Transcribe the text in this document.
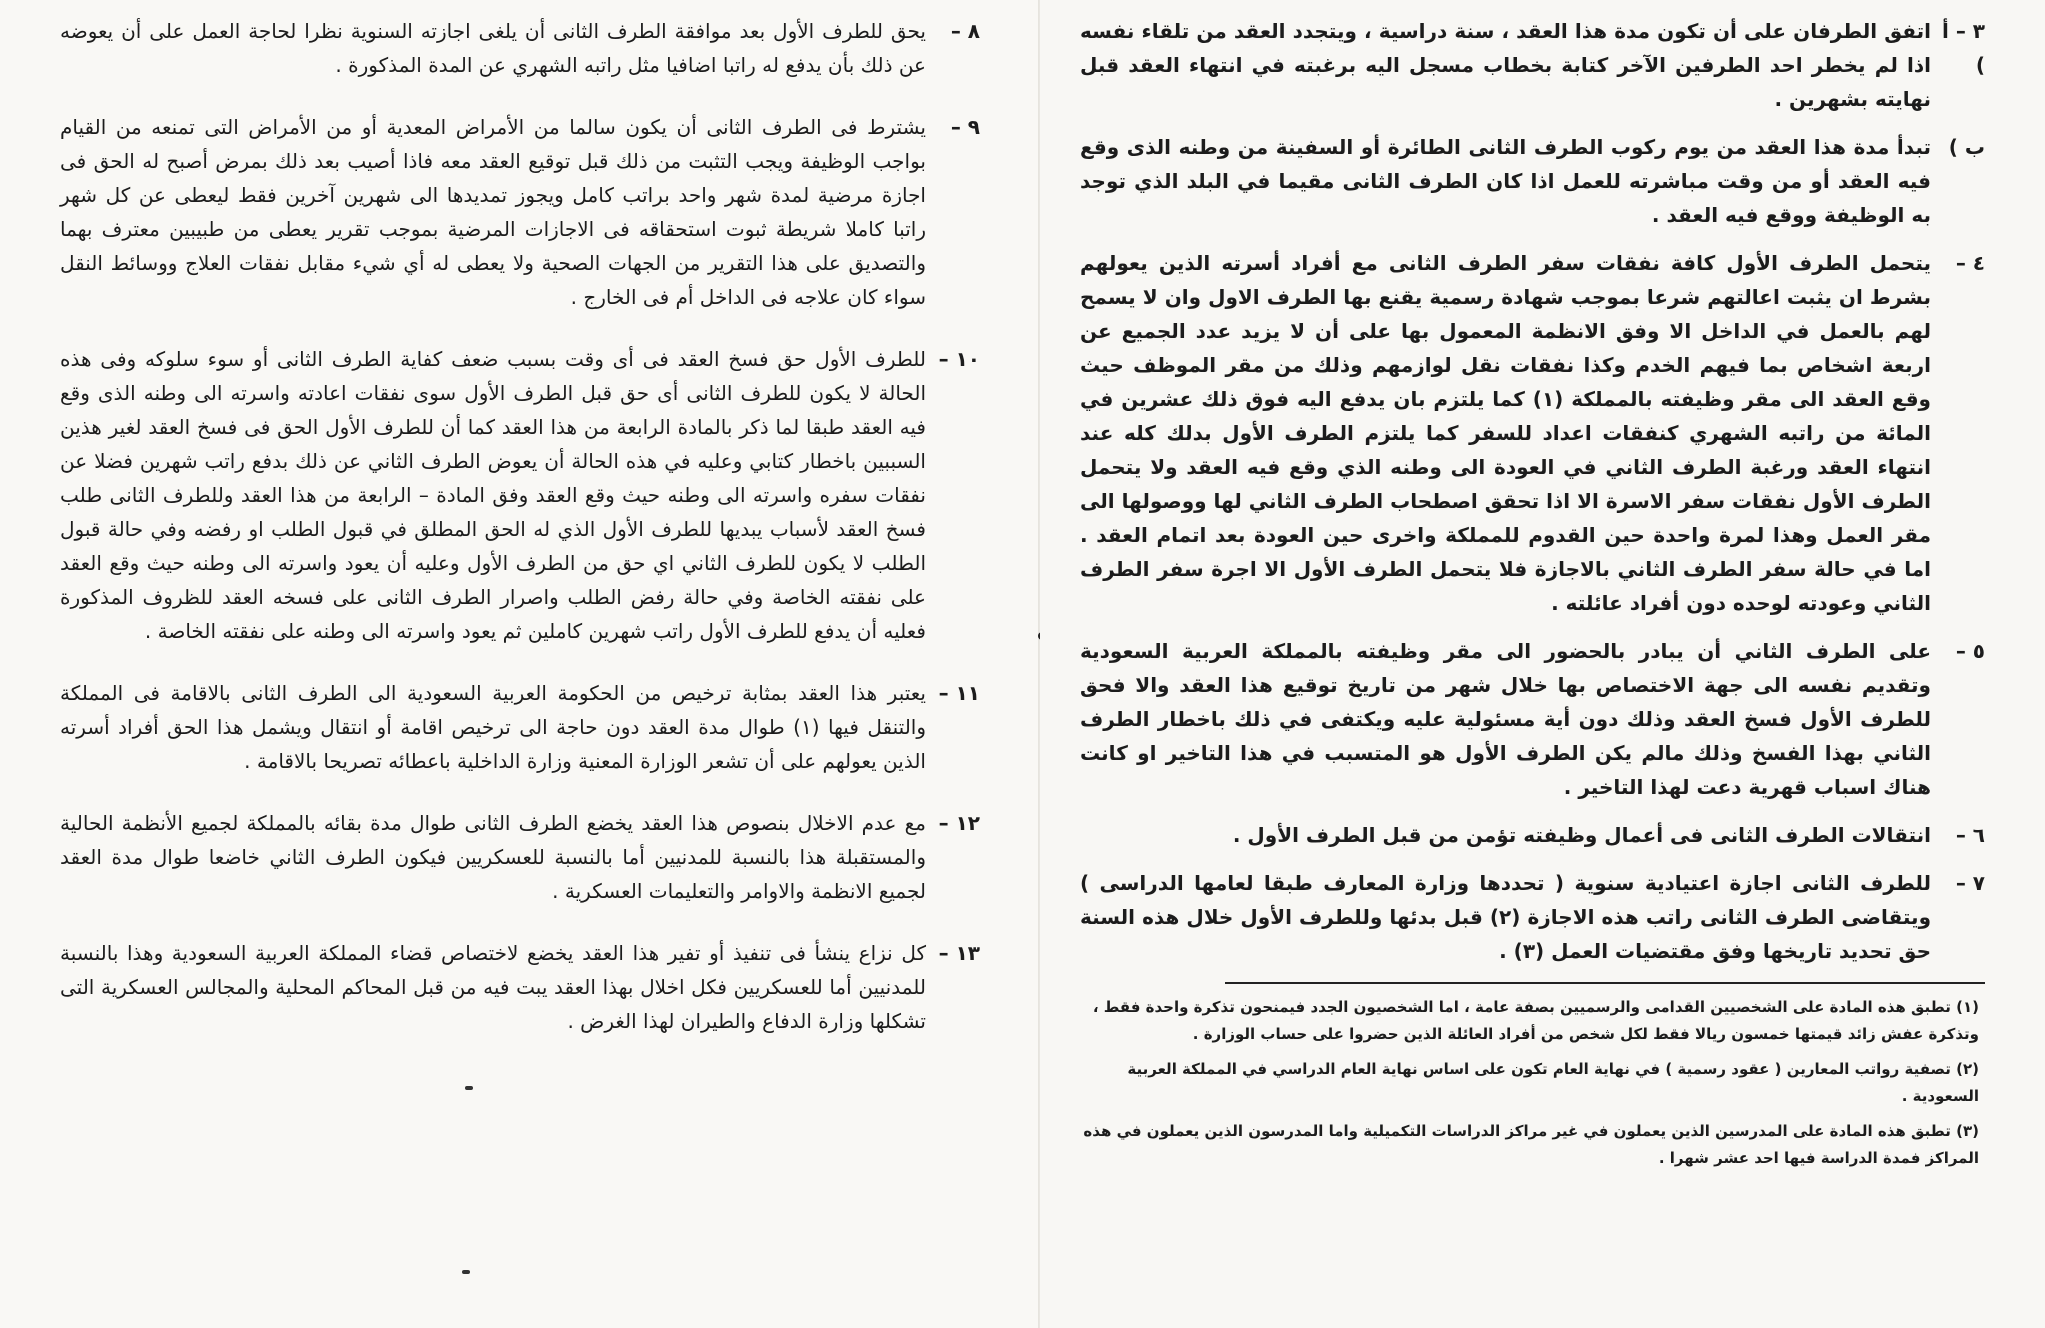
٨ –
يحق للطرف الأول بعد موافقة الطرف الثانى أن يلغى اجازته السنوية نظرا لحاجة العمل على أن يعوضه عن ذلك بأن يدفع له راتبا اضافيا مثل راتبه الشهري عن المدة المذكورة .
٩ –
يشترط فى الطرف الثانى أن يكون سالما من الأمراض المعدية أو من الأمراض التى تمنعه من القيام بواجب الوظيفة ويجب التثبت من ذلك قبل توقيع العقد معه فاذا أصيب بعد ذلك بمرض أصبح له الحق فى اجازة مرضية لمدة شهر واحد براتب كامل ويجوز تمديدها الى شهرين آخرين فقط ليعطى عن كل شهر راتبا كاملا شريطة ثبوت استحقاقه فى الاجازات المرضية بموجب تقرير يعطى من طبيبين معترف بهما والتصديق على هذا التقرير من الجهات الصحية ولا يعطى له أي شيء مقابل نفقات العلاج ووسائط النقل سواء كان علاجه فى الداخل أم فى الخارج .
١٠ –
للطرف الأول حق فسخ العقد فى أى وقت بسبب ضعف كفاية الطرف الثانى أو سوء سلوكه وفى هذه الحالة لا يكون للطرف الثانى أى حق قبل الطرف الأول سوى نفقات اعادته واسرته الى وطنه الذى وقع فيه العقد طبقا لما ذكر بالمادة الرابعة من هذا العقد كما أن للطرف الأول الحق فى فسخ العقد لغير هذين السببين باخطار كتابي وعليه في هذه الحالة أن يعوض الطرف الثاني عن ذلك بدفع راتب شهرين فضلا عن نفقات سفره واسرته الى وطنه حيث وقع العقد وفق المادة – الرابعة من هذا العقد وللطرف الثانى طلب فسخ العقد لأسباب يبديها للطرف الأول الذي له الحق المطلق في قبول الطلب او رفضه وفي حالة قبول الطلب لا يكون للطرف الثاني اي حق من الطرف الأول وعليه أن يعود واسرته الى وطنه حيث وقع العقد على نفقته الخاصة وفي حالة رفض الطلب واصرار الطرف الثانى على فسخه العقد للظروف المذكورة فعليه أن يدفع للطرف الأول راتب شهرين كاملين ثم يعود واسرته الى وطنه على نفقته الخاصة .
١١ –
يعتبر هذا العقد بمثابة ترخيص من الحكومة العربية السعودية الى الطرف الثانى بالاقامة فى المملكة والتنقل فيها (١) طوال مدة العقد دون حاجة الى ترخيص اقامة أو انتقال ويشمل هذا الحق أفراد أسرته الذين يعولهم على أن تشعر الوزارة المعنية وزارة الداخلية باعطائه تصريحا بالاقامة .
١٢ –
مع عدم الاخلال بنصوص هذا العقد يخضع الطرف الثانى طوال مدة بقائه بالمملكة لجميع الأنظمة الحالية والمستقبلة هذا بالنسبة للمدنيين أما بالنسبة للعسكريين فيكون الطرف الثاني خاضعا طوال مدة العقد لجميع الانظمة والاوامر والتعليمات العسكرية .
١٣ –
كل نزاع ينشأ فى تنفيذ أو تفير هذا العقد يخضع لاختصاص قضاء المملكة العربية السعودية وهذا بالنسبة للمدنيين أما للعسكريين فكل اخلال بهذا العقد يبت فيه من قبل المحاكم المحلية والمجالس العسكرية التى تشكلها وزارة الدفاع والطيران لهذا الغرض .
٣ – أ )
اتفق الطرفان على أن تكون مدة هذا العقد ، سنة دراسية ، ويتجدد العقد من تلقاء نفسه اذا لم يخطر احد الطرفين الآخر كتابة بخطاب مسجل اليه برغبته في انتهاء العقد قبل نهايته بشهرين .
ب )
تبدأ مدة هذا العقد من يوم ركوب الطرف الثانى الطائرة أو السفينة من وطنه الذى وقع فيه العقد أو من وقت مباشرته للعمل اذا كان الطرف الثانى مقيما في البلد الذي توجد به الوظيفة ووقع فيه العقد .
٤ –
يتحمل الطرف الأول كافة نفقات سفر الطرف الثانى مع أفراد أسرته الذين يعولهم بشرط ان يثبت اعالتهم شرعا بموجب شهادة رسمية يقنع بها الطرف الاول وان لا يسمح لهم بالعمل في الداخل الا وفق الانظمة المعمول بها على أن لا يزيد عدد الجميع عن اربعة اشخاص بما فيهم الخدم وكذا نفقات نقل لوازمهم وذلك من مقر الموظف حيث وقع العقد الى مقر وظيفته بالمملكة (١) كما يلتزم بان يدفع اليه فوق ذلك عشرين في المائة من راتبه الشهري كنفقات اعداد للسفر كما يلتزم الطرف الأول بدلك كله عند انتهاء العقد ورغبة الطرف الثاني في العودة الى وطنه الذي وقع فيه العقد ولا يتحمل الطرف الأول نفقات سفر الاسرة الا اذا تحقق اصطحاب الطرف الثاني لها ووصولها الى مقر العمل وهذا لمرة واحدة حين القدوم للمملكة واخرى حين العودة بعد اتمام العقد . اما في حالة سفر الطرف الثاني بالاجازة فلا يتحمل الطرف الأول الا اجرة سفر الطرف الثاني وعودته لوحده دون أفراد عائلته .
٥ –
على الطرف الثاني أن يبادر بالحضور الى مقر وظيفته بالمملكة العربية السعودية وتقديم نفسه الى جهة الاختصاص بها خلال شهر من تاريخ توقيع هذا العقد والا فحق للطرف الأول فسخ العقد وذلك دون أية مسئولية عليه ويكتفى في ذلك باخطار الطرف الثاني بهذا الفسخ وذلك مالم يكن الطرف الأول هو المتسبب في هذا التاخير او كانت هناك اسباب قهرية دعت لهذا التاخير .
٦ –
انتقالات الطرف الثانى فى أعمال وظيفته تؤمن من قبل الطرف الأول .
٧ –
للطرف الثانى اجازة اعتيادية سنوية ( تحددها وزارة المعارف طبقا لعامها الدراسى ) ويتقاضى الطرف الثانى راتب هذه الاجازة (٢) قبل بدئها وللطرف الأول خلال هذه السنة حق تحديد تاريخها وفق مقتضيات العمل (٣) .
(١) تطبق هذه المادة على الشخصيين القدامى والرسميين بصفة عامة ، اما الشخصيون الجدد فيمنحون تذكرة واحدة فقط ، وتذكرة عفش زائد قيمتها خمسون ريالا فقط لكل شخص من أفراد العائلة الذين حضروا على حساب الوزارة .
(٢) تصفية رواتب المعارين ( عقود رسمية ) في نهاية العام تكون على اساس نهاية العام الدراسي في المملكة العربية السعودية .
(٣) تطبق هذه المادة على المدرسين الذين يعملون في غير مراكز الدراسات التكميلية واما المدرسون الذين يعملون في هذه المراكز فمدة الدراسة فيها احد عشر شهرا .
